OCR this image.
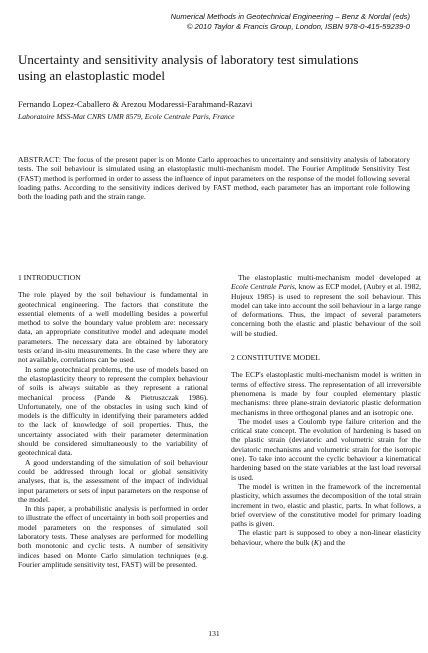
Numerical Methods in Geotechnical Engineering – Benz & Nordal (eds)
© 2010 Taylor & Francis Group, London, ISBN 978-0-415-59239-0
Uncertainty and sensitivity analysis of laboratory test simulations
using an elastoplastic model
Fernando Lopez-Caballero & Arezou Modaressi-Farahmand-Razavi
Laboratoire MSS-Mat CNRS UMR 8579, Ecole Centrale Paris, France
ABSTRACT: The focus of the present paper is on Monte Carlo approaches to uncertainty and sensitivity analysis of laboratory tests. The soil behaviour is simulated using an elastoplastic multi-mechanism model. The Fourier Amplitude Sensitivity Test (FAST) method is performed in order to assess the influence of input parameters on the response of the model following several loading paths. According to the sensitivity indices derived by FAST method, each parameter has an important role following both the loading path and the strain range.
1 INTRODUCTION

The role played by the soil behaviour is fundamental in geotechnical engineering. The factors that constitute the essential elements of a well modelling besides a powerful method to solve the boundary value problem are: necessary data, an appropriate constitutive model and adequate model parameters. The necessary data are obtained by laboratory tests or/and in-situ measurements. In the case where they are not available, correlations can be used.

In some geotechnical problems, the use of models based on the elastoplasticity theory to represent the complex behaviour of soils is always suitable as they represent a rational mechanical process (Pande & Pietruszczak 1986). Unfortunately, one of the obstacles in using such kind of models is the difficulty in identifying their parameters added to the lack of knowledge of soil properties. Thus, the uncertainty associated with their parameter determination should be considered simultaneously to the variability of geotechnical data.

A good understanding of the simulation of soil behaviour could be addressed through local or global sensitivity analyses, that is, the assessment of the impact of individual input parameters or sets of input parameters on the response of the model.

In this paper, a probabilistic analysis is performed in order to illustrate the effect of uncertainty in both soil properties and model parameters on the responses of simulated soil laboratory tests. These analyses are performed for modelling both monotonic and cyclic tests. A number of sensitivity indices based on Monte Carlo simulation techniques (e.g. Fourier amplitude sensitivity test, FAST) will be presented.

The elastoplastic multi-mechanism model developed at Ecole Centrale Paris, know as ECP model, (Aubry et al. 1982, Hujeux 1985) is used to represent the soil behaviour. This model can take into account the soil behaviour in a large range of deformations. Thus, the impact of several parameters concerning both the elastic and plastic behaviour of the soil will be studied.

2 CONSTITUTIVE MODEL

The ECP's elastoplastic multi-mechanism model is written in terms of effective stress. The representation of all irreversible phenomena is made by four coupled elementary plastic mechanisms: three plane-strain deviatoric plastic deformation mechanisms in three orthogonal planes and an isotropic one.

The model uses a Coulomb type failure criterion and the critical state concept. The evolution of hardening is based on the plastic strain (deviatoric and volumetric strain for the deviatoric mechanisms and volumetric strain for the isotropic one). To take into account the cyclic behaviour a kinematical hardening based on the state variables at the last load reversal is used.

The model is written in the framework of the incremental plasticity, which assumes the decomposition of the total strain increment in two, elastic and plastic, parts. In what follows, a brief overview of the constitutive model for primary loading paths is given.

The elastic part is supposed to obey a non-linear elasticity behaviour, where the bulk (K) and the

131
